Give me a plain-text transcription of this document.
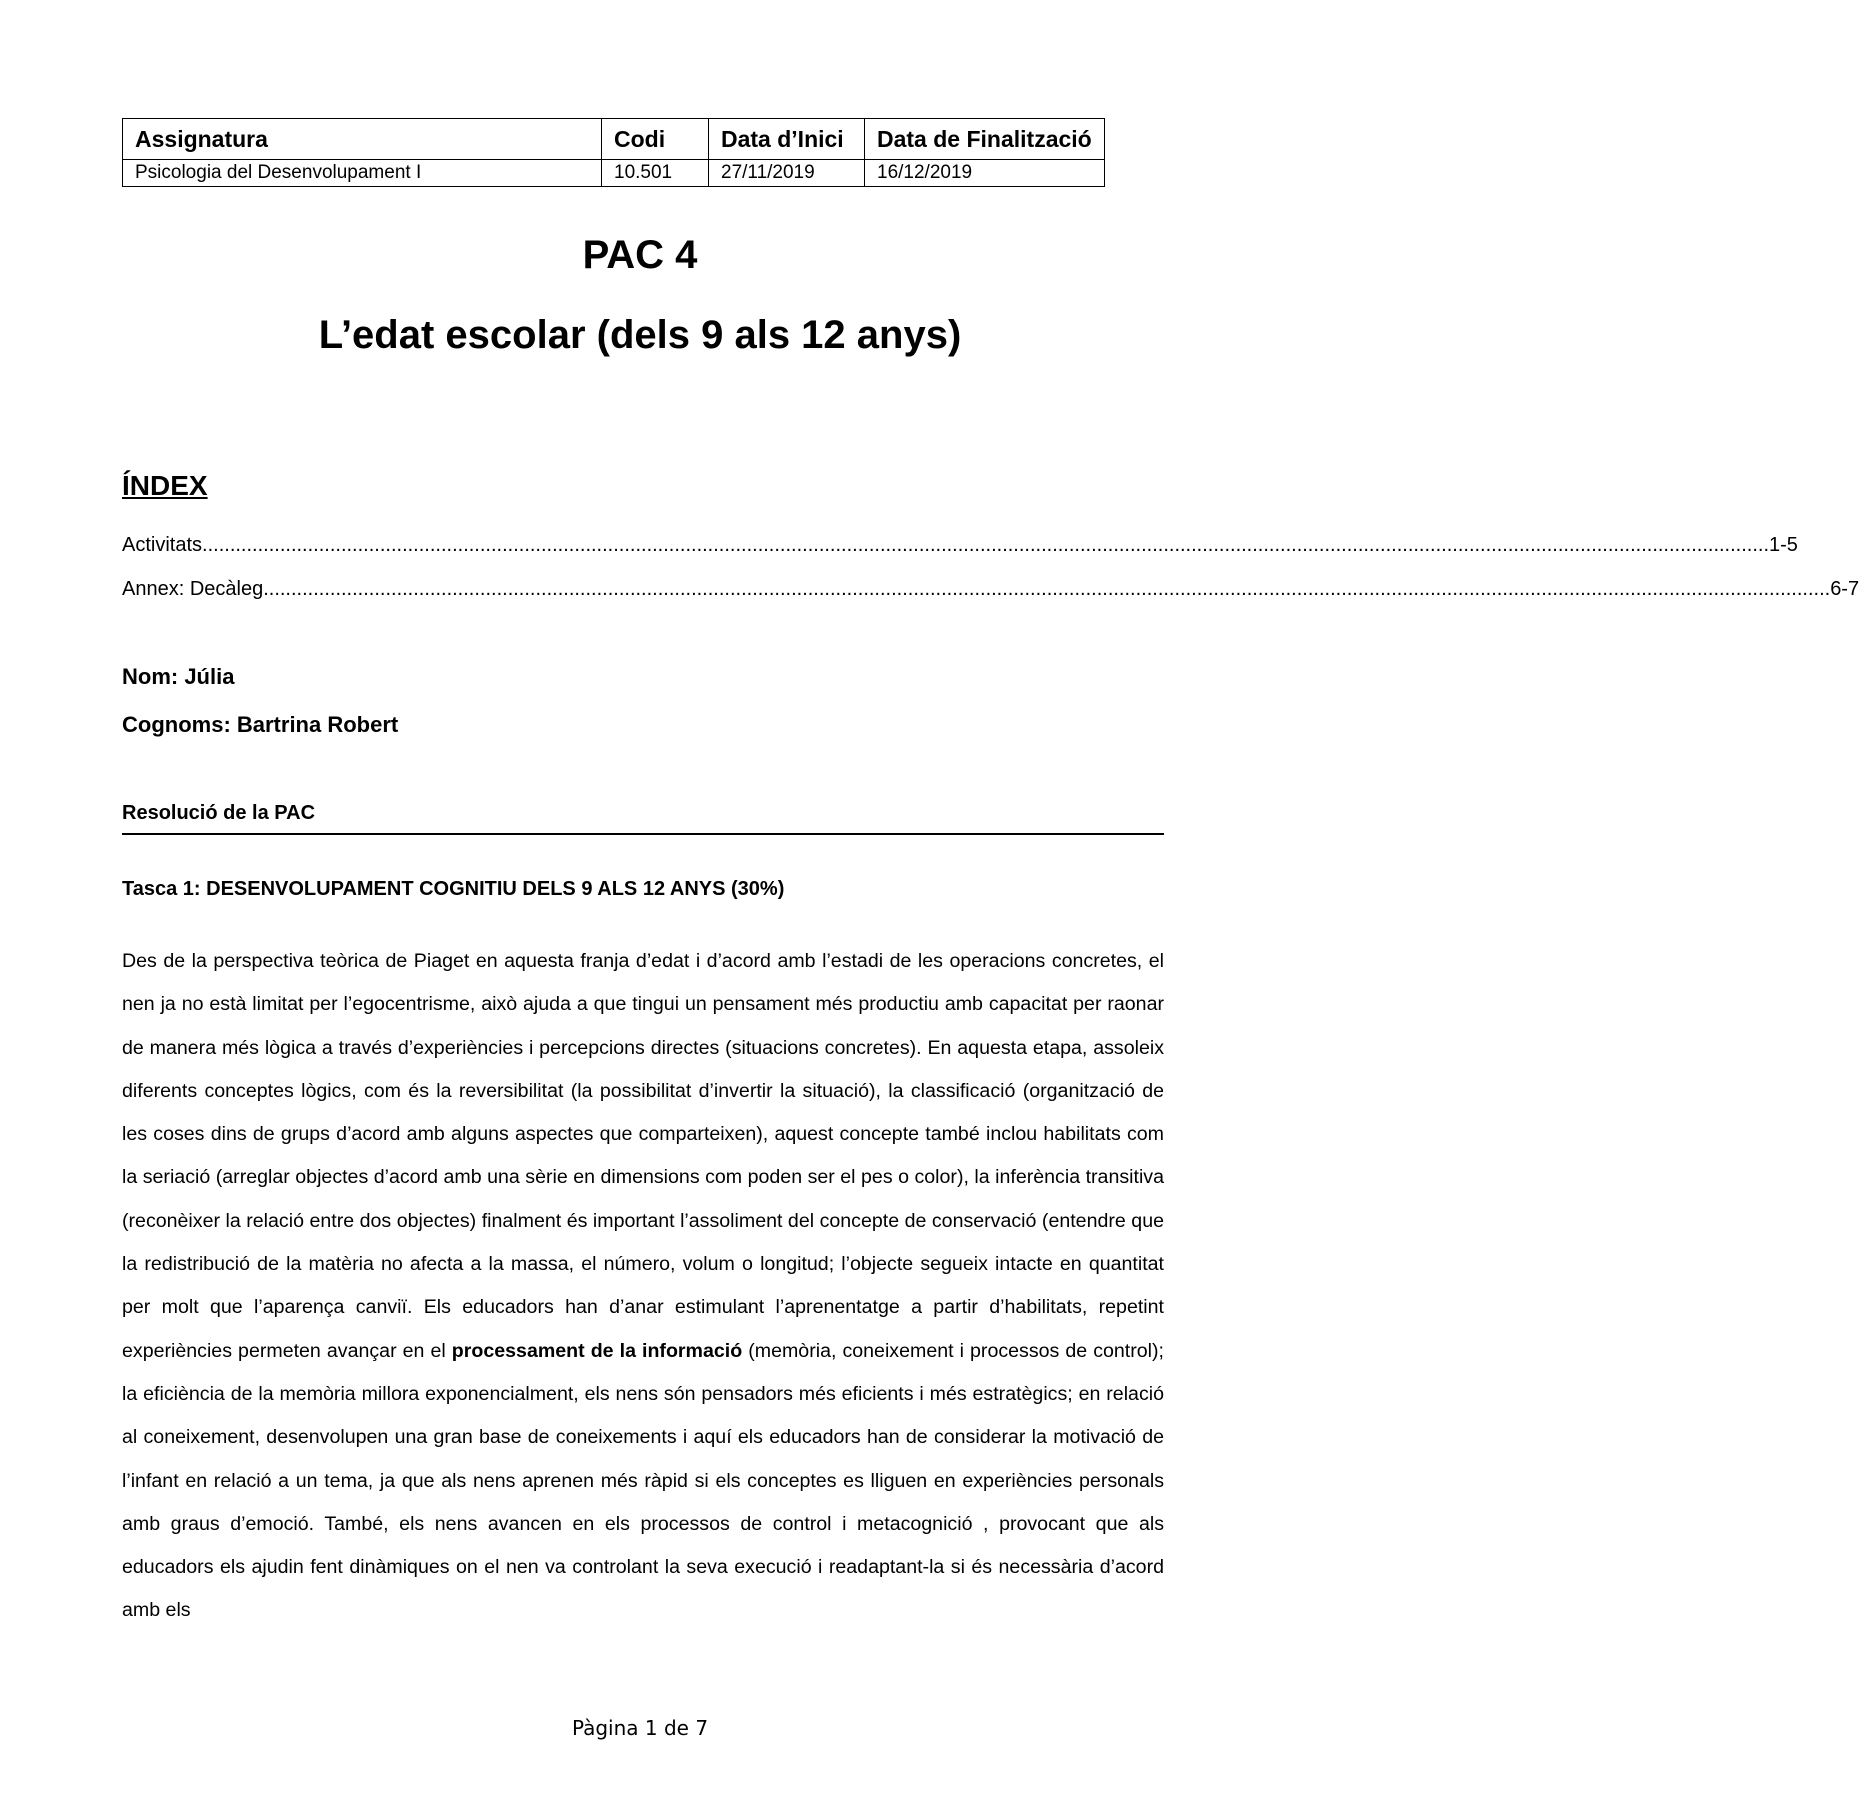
Assignatura	Codi	Data d’Inici	Data de Finalització
Psicologia del Desenvolupament I	10.501	27/11/2019	16/12/2019
PAC 4
L’edat escolar (dels 9 als 12 anys)
ÍNDEX
Activitats .......................................................................................................................................................................................................................................................................................... 1-5
Annex: Decàleg .......................................................................................................................................................................................................................................................................................... 6-7
Nom: Júlia
Cognoms: Bartrina Robert
Resolució de la PAC
Tasca 1: DESENVOLUPAMENT COGNITIU DELS 9 ALS 12 ANYS (30%)

Des de la perspectiva teòrica de Piaget en aquesta franja d’edat i d’acord amb l’estadi de les operacions concretes, el nen ja no està limitat per l’egocentrisme, això ajuda a que tingui un pensament més productiu amb capacitat per raonar de manera més lògica a través d’experiències i percepcions directes (situacions concretes). En aquesta etapa, assoleix diferents conceptes lògics, com és la reversibilitat (la possibilitat d’invertir la situació), la classificació (organització de les coses dins de grups d’acord amb alguns aspectes que comparteixen), aquest concepte també inclou habilitats com la seriació (arreglar objectes d’acord amb una sèrie en dimensions com poden ser el pes o color), la inferència transitiva (reconèixer la relació entre dos objectes) finalment és important l’assoliment del concepte de conservació (entendre que la redistribució de la matèria no afecta a la massa, el número, volum o longitud; l’objecte segueix intacte en quantitat per molt que l’aparença canviï. Els educadors han d’anar estimulant l’aprenentatge a partir d’habilitats, repetint experiències permeten avançar en el processament de la informació (memòria, coneixement i processos de control); la eficiència de la memòria millora exponencialment, els nens són pensadors més eficients i més estratègics; en relació al coneixement, desenvolupen una gran base de coneixements i aquí els educadors han de considerar la motivació de l’infant en relació a un tema, ja que als nens aprenen més ràpid si els conceptes es lliguen en experiències personals amb graus d’emoció. També, els nens avancen en els processos de control i metacognició , provocant que als educadors els ajudin fent dinàmiques on el nen va controlant la seva execució i readaptant-la si és necessària d’acord amb els

Pàgina 1 de 7
